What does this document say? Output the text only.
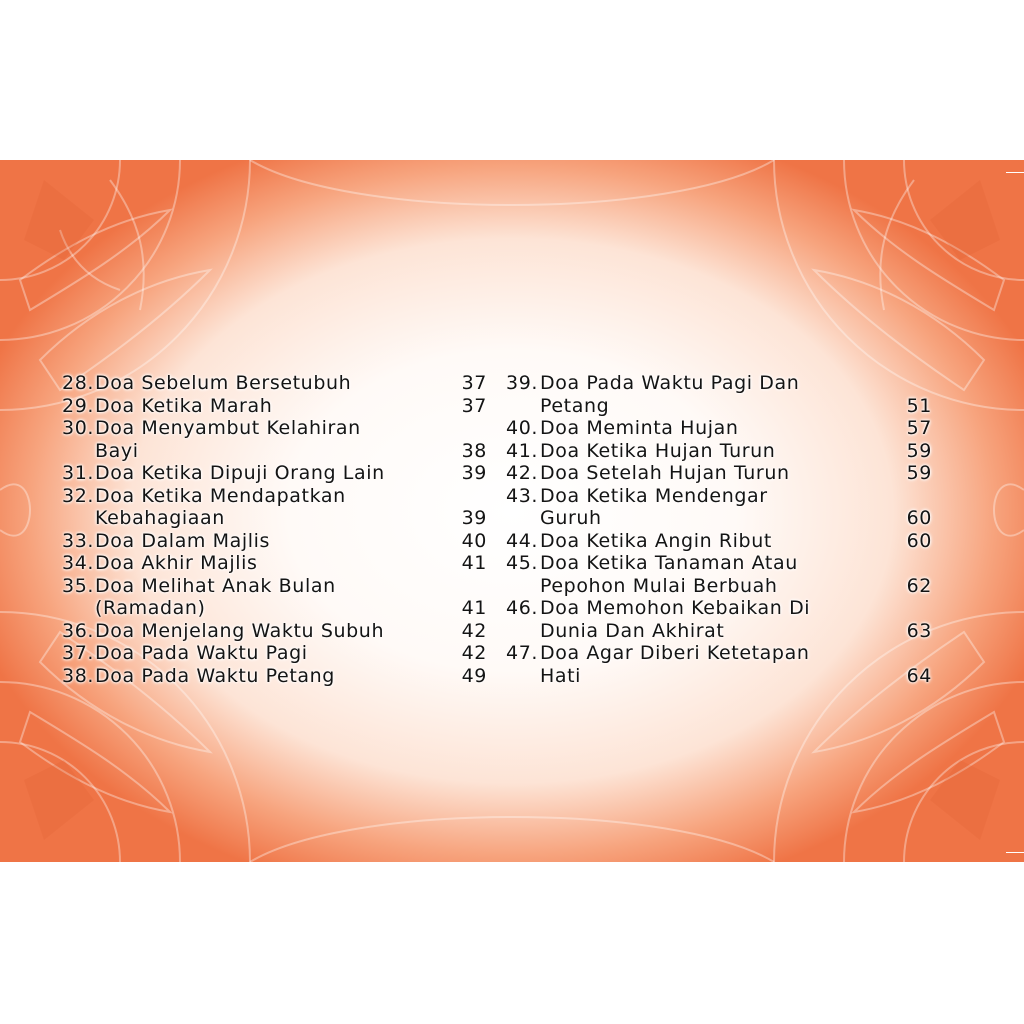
28. Doa Sebelum Bersetubuh	37
29. Doa Ketika Marah	37
30. Doa Menyambut Kelahiran
Bayi	38
31. Doa Ketika Dipuji Orang Lain	39
32. Doa Ketika Mendapatkan
Kebahagiaan	39
33. Doa Dalam Majlis	40
34. Doa Akhir Majlis	41
35. Doa Melihat Anak Bulan
(Ramadan)	41
36. Doa Menjelang Waktu Subuh	42
37. Doa Pada Waktu Pagi	42
38. Doa Pada Waktu Petang	49
39. Doa Pada Waktu Pagi Dan
Petang	51
40. Doa Meminta Hujan	57
41. Doa Ketika Hujan Turun	59
42. Doa Setelah Hujan Turun	59
43. Doa Ketika Mendengar
Guruh	60
44. Doa Ketika Angin Ribut	60
45. Doa Ketika Tanaman Atau
Pepohon Mulai Berbuah	62
46. Doa Memohon Kebaikan Di
Dunia Dan Akhirat	63
47. Doa Agar Diberi Ketetapan
Hati	64
